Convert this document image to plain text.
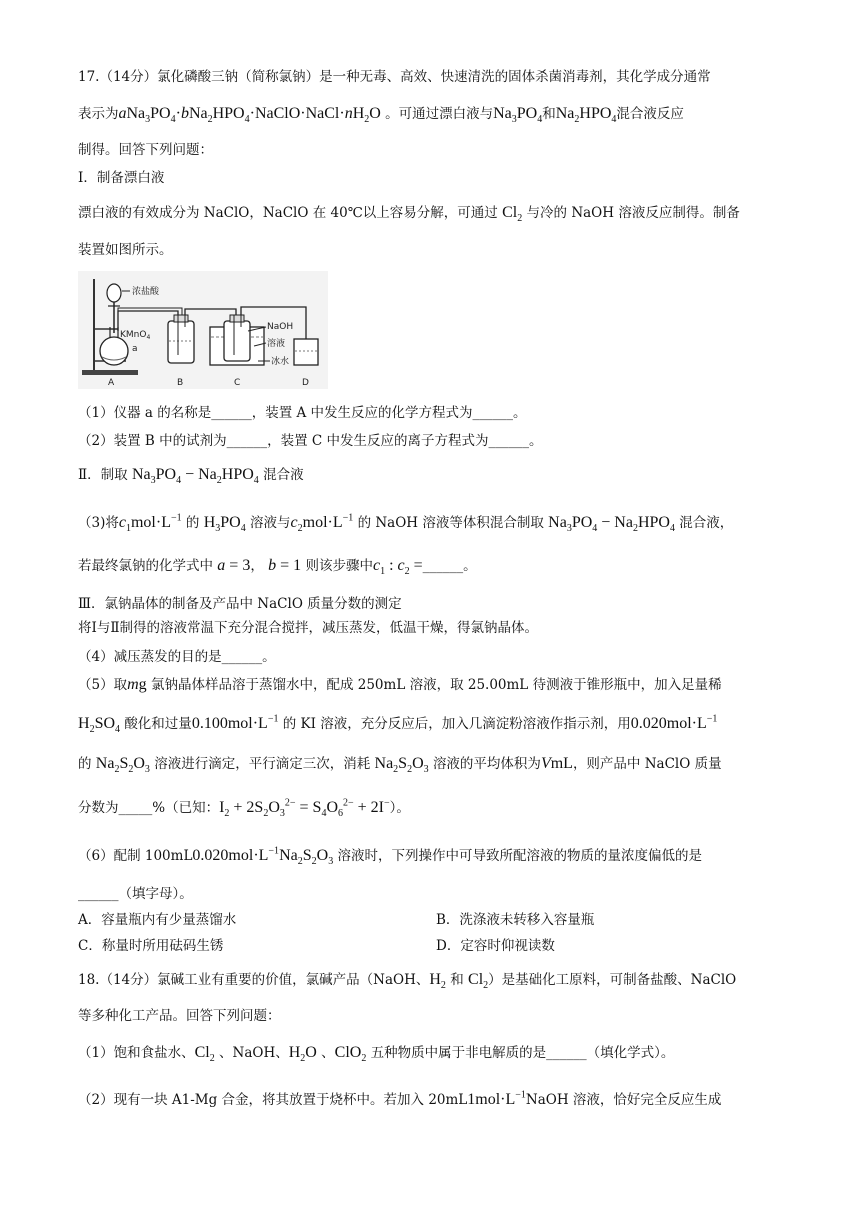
17.（14分）氯化磷酸三钠（简称氯钠）是一种无毒、高效、快速清洗的固体杀菌消毒剂，其化学成分通常
表示为$aNa_3PO_4\cdot bNa_2HPO_4\cdot NaClO\cdot NaCl\cdot nH_2O$ 。可通过漂白液与$Na_3PO_4$和$Na_2HPO_4$混合液反应
制得。回答下列问题：
Ⅰ．制备漂白液
漂白液的有效成分为 NaClO，NaClO 在 40℃以上容易分解，可通过 $Cl_2$ 与冷的 NaOH 溶液反应制得。制备
装置如图所示。
浓盐酸
KMnO$_4$
a
NaOH
溶液
冰水
A	B	C	D
（1）仪器 a 的名称是______，装置 A 中发生反应的化学方程式为______。
（2）装置 B 中的试剂为______，装置 C 中发生反应的离子方程式为______。
Ⅱ．制取 $Na_3PO_4 - Na_2HPO_4$ 混合液
（3)将$c_1mol\cdot L^{-1}$ 的 $H_3PO_4$ 溶液与$c_2mol\cdot L^{-1}$ 的 NaOH 溶液等体积混合制取 $Na_3PO_4 - Na_2HPO_4$ 混合液，
若最终氯钠的化学式中 a = 3， b = 1 则该步骤中$c_1$ : $c_2$ =______。
Ⅲ．氯钠晶体的制备及产品中 NaClO 质量分数的测定
将Ⅰ与Ⅱ制得的溶液常温下充分混合搅拌，减压蒸发，低温干燥，得氯钠晶体。
（4）减压蒸发的目的是______。
（5）取mg 氯钠晶体样品溶于蒸馏水中，配成 250mL 溶液，取 25.00mL 待测液于锥形瓶中，加入足量稀
$H_2SO_4$ 酸化和过量$0.100mol\cdot L^{-1}$ 的 KI 溶液，充分反应后，加入几滴淀粉溶液作指示剂，用$0.020mol\cdot L^{-1}$
的 $Na_2S_2O_3$ 溶液进行滴定，平行滴定三次，消耗 $Na_2S_2O_3$ 溶液的平均体积为VmL，则产品中 NaClO 质量
分数为_____%（已知：$I_2 + 2S_2O_3^{2-} = S_4O_6^{2-} + 2I^-$）。
（6）配制 $100mL0.020mol\cdot L^{-1}Na_2S_2O_3$ 溶液时，下列操作中可导致所配溶液的物质的量浓度偏低的是
______（填字母）。
A．容量瓶内有少量蒸馏水	B．洗涤液未转移入容量瓶
C．称量时所用砝码生锈	D．定容时仰视读数
18.（14分）氯碱工业有重要的价值，氯碱产品（NaOH、$H_2$ 和 $Cl_2$）是基础化工原料，可制备盐酸、NaClO
等多种化工产品。回答下列问题：
（1）饱和食盐水、$Cl_2$ 、NaOH、$H_2O$ 、ClO$_2$ 五种物质中属于非电解质的是______（填化学式）。
（2）现有一块 A1-Mg 合金，将其放置于烧杯中。若加入 $20mL1mol\cdot L^{-1}NaOH$ 溶液，恰好完全反应生成
